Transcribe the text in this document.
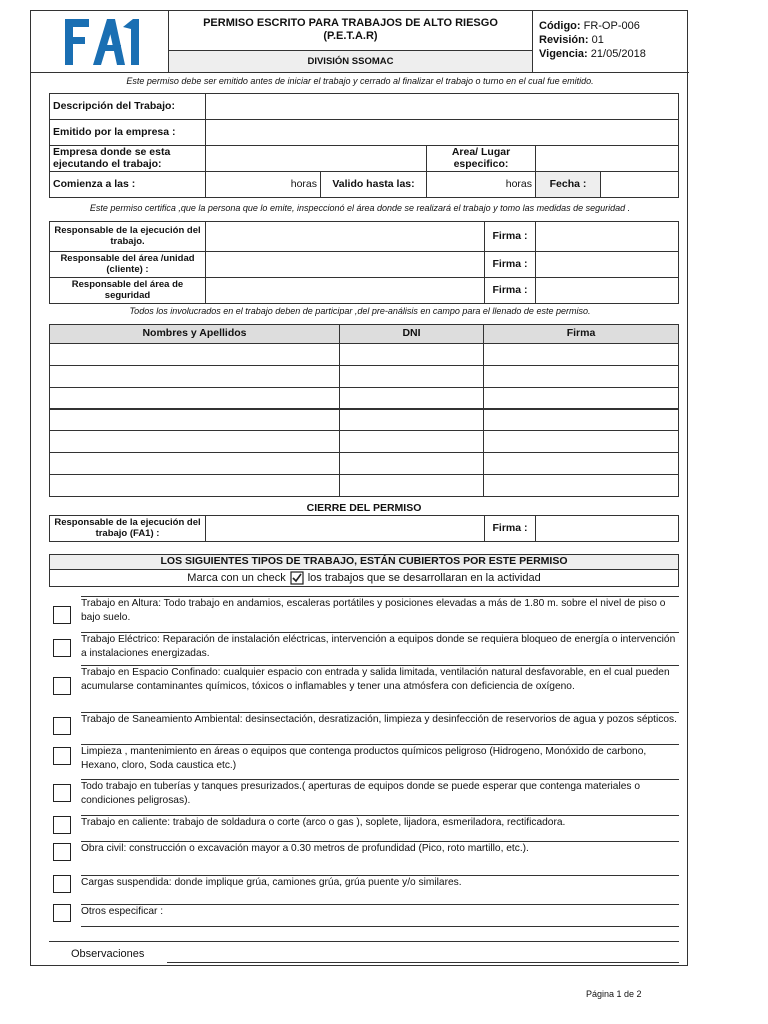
PERMISO ESCRITO PARA TRABAJOS DE ALTO RIESGO
(P.E.T.A.R)
DIVISIÓN SSOMAC
Código: FR-OP-006
Revisión: 01
Vigencia: 21/05/2018
Este permiso debe ser emitido antes de iniciar el trabajo y cerrado al finalizar el trabajo o turno en el cual fue emitido.
Descripción del Trabajo:
Emitido por la empresa :
Empresa donde se esta ejecutando el trabajo:
Area/ Lugar especifico:
Comienza a las :	horas	Valido hasta las:	horas	Fecha :
Este permiso certifica ,que la persona que lo emite, inspeccionó el área donde se realizará el trabajo y tomo las medidas de seguridad .
Responsable de la ejecución del trabajo.	Firma :
Responsable del área /unidad (cliente) :	Firma :
Responsable del área de seguridad	Firma :
Todos los involucrados en el trabajo deben de participar ,del pre-análisis en campo para el llenado de este permiso.
Nombres y Apellidos	DNI	Firma
CIERRE DEL PERMISO
Responsable de la ejecución del trabajo (FA1) :	Firma :
LOS SIGUIENTES TIPOS DE TRABAJO, ESTÁN CUBIERTOS POR ESTE PERMISO
Marca con un check los trabajos que se desarrollaran en la actividad
Trabajo en Altura: Todo trabajo en andamios, escaleras portátiles y posiciones elevadas a más de 1.80 m. sobre el nivel de piso o bajo suelo.
Trabajo Eléctrico: Reparación de instalación eléctricas, intervención a equipos donde se requiera bloqueo de energía o intervención a instalaciones energizadas.
Trabajo en Espacio Confinado: cualquier espacio con entrada y salida limitada, ventilación natural desfavorable, en el cual pueden acumularse contaminantes químicos, tóxicos o inflamables y tener una atmósfera con deficiencia de oxígeno.
Trabajo de Saneamiento Ambiental: desinsectación, desratización, limpieza y desinfección de reservorios de agua y pozos sépticos.
Limpieza , mantenimiento en áreas o equipos que contenga productos químicos peligroso (Hidrogeno, Monóxido de carbono, Hexano, cloro, Soda caustica etc.)
Todo trabajo en tuberías y tanques presurizados.( aperturas de equipos donde se puede esperar que contenga materiales o condiciones peligrosas).
Trabajo en caliente: trabajo de soldadura o corte (arco o gas ), soplete, lijadora, esmeriladora, rectificadora.
Obra civil: construcción o excavación mayor a 0.30 metros de profundidad (Pico, roto martillo, etc.).
Cargas suspendida: donde implique grúa, camiones grúa, grúa puente y/o similares.
Otros especificar :
Observaciones
Página 1 de 2
